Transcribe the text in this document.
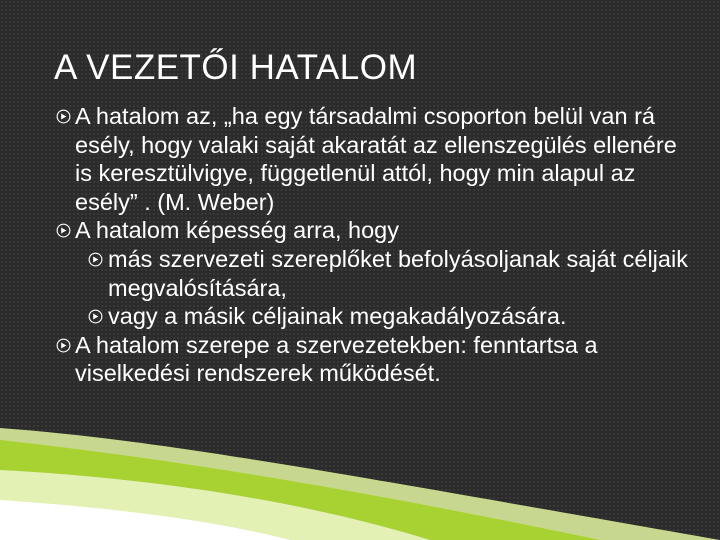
A VEZETŐI HATALOM
A hatalom az, „ha egy társadalmi csoporton belül van rá esély, hogy valaki saját akaratát az ellenszegülés ellenére is keresztülvigye, függetlenül attól, hogy min alapul az esély” . (M. Weber)
A hatalom képesség arra, hogy
más szervezeti szereplőket befolyásoljanak saját céljaik megvalósítására,
vagy a másik céljainak megakadályozására.
A hatalom szerepe a szervezetekben: fenntartsa a viselkedési rendszerek működését.
